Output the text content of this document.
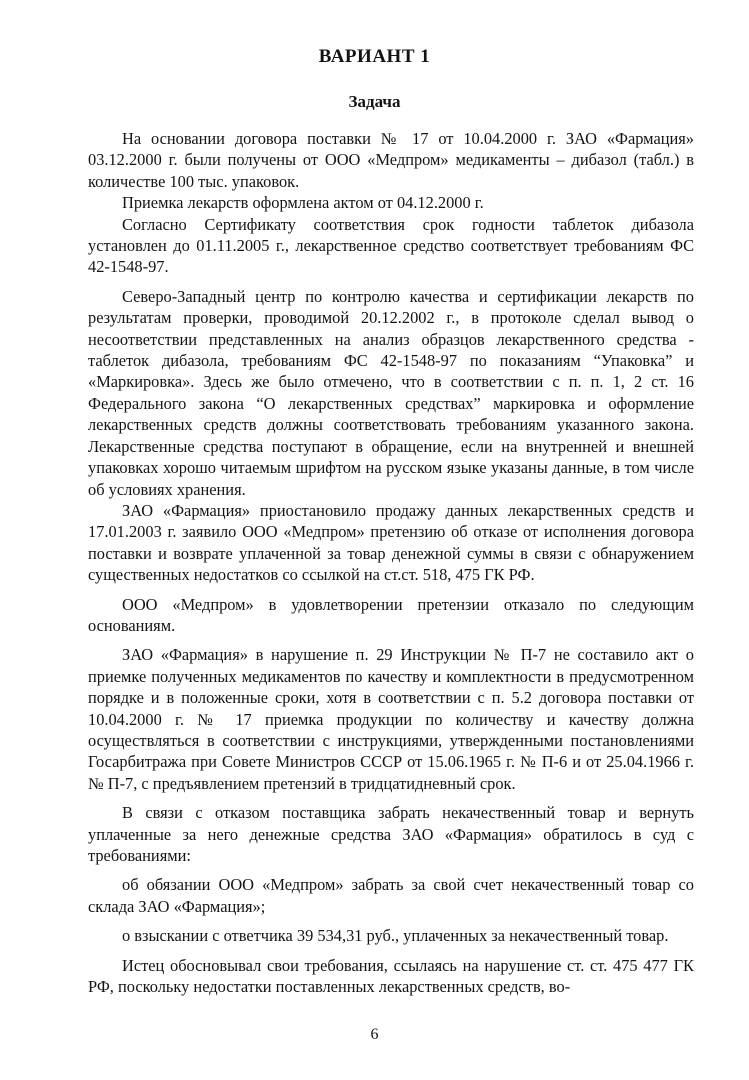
ВАРИАНТ 1
Задача

На основании договора поставки № 17 от 10.04.2000 г. ЗАО «Фармация» 03.12.2000 г. были получены от ООО «Медпром» медикаменты – дибазол (табл.) в количестве 100 тыс. упаковок.

Приемка лекарств оформлена актом от 04.12.2000 г.

Согласно Сертификату соответствия срок годности таблеток дибазола установлен до 01.11.2005 г., лекарственное средство соответствует требованиям ФС 42-1548-97.

Северо-Западный центр по контролю качества и сертификации лекарств по результатам проверки, проводимой 20.12.2002 г., в протоколе сделал вывод о несоответствии представленных на анализ образцов лекарственного средства - таблеток дибазола, требованиям ФС 42-1548-97 по показаниям “Упаковка” и «Маркировка». Здесь же было отмечено, что в соответствии с п. п. 1, 2 ст. 16 Федерального закона “О лекарственных средствах” маркировка и оформление лекарственных средств должны соответствовать требованиям указанного закона. Лекарственные средства поступают в обращение, если на внутренней и внешней упаковках хорошо читаемым шрифтом на русском языке указаны данные, в том числе об условиях хранения.

ЗАО «Фармация» приостановило продажу данных лекарственных средств и 17.01.2003 г. заявило ООО «Медпром» претензию об отказе от исполнения договора поставки и возврате уплаченной за товар денежной суммы в связи с обнаружением существенных недостатков со ссылкой на ст.ст. 518, 475 ГК РФ.

ООО «Медпром» в удовлетворении претензии отказало по следующим основаниям.

ЗАО «Фармация» в нарушение п. 29 Инструкции № П-7 не составило акт о приемке полученных медикаментов по качеству и комплектности в предусмотренном порядке и в положенные сроки, хотя в соответствии с п. 5.2 договора поставки от 10.04.2000 г. № 17 приемка продукции по количеству и качеству должна осуществляться в соответствии с инструкциями, утвержденными постановлениями Госарбитража при Совете Министров СССР от 15.06.1965 г. № П-6 и от 25.04.1966 г. № П-7, с предъявлением претензий в тридцатидневный срок.

В связи с отказом поставщика забрать некачественный товар и вернуть уплаченные за него денежные средства ЗАО «Фармация» обратилось в суд с требованиями:

об обязании ООО «Медпром» забрать за свой счет некачественный товар со склада ЗАО «Фармация»;

о взыскании с ответчика 39 534,31 руб., уплаченных за некачественный товар.

Истец обосновывал свои требования, ссылаясь на нарушение ст. ст. 475 477 ГК РФ, поскольку недостатки поставленных лекарственных средств, во-

6
